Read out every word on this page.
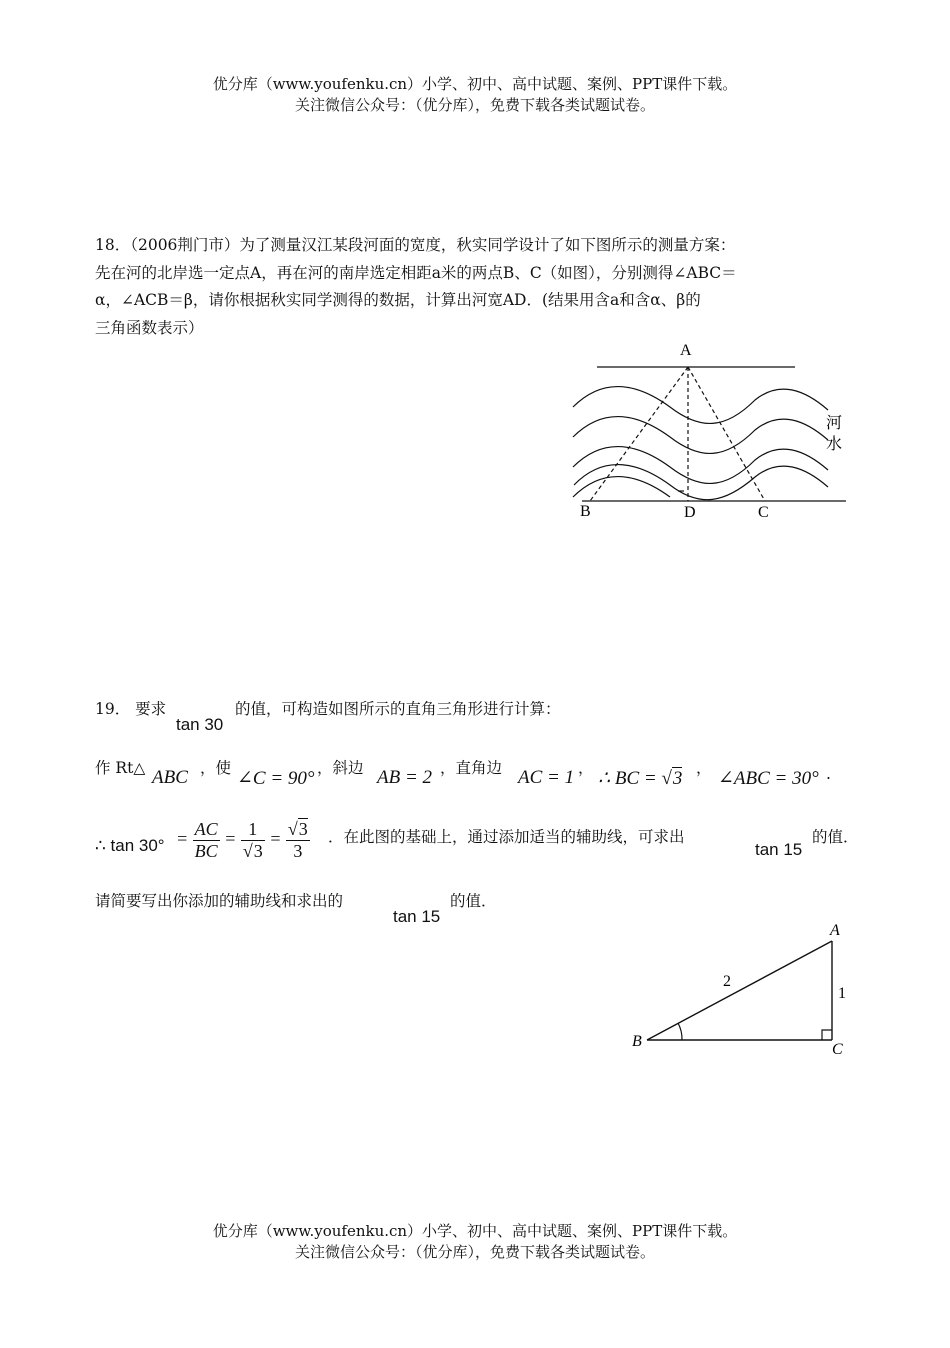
优分库（www.youfenku.cn）小学、初中、高中试题、案例、PPT课件下载。
关注微信公众号：（优分库），免费下载各类试题试卷。
18．（2006荆门市）为了测量汉江某段河面的宽度，秋实同学设计了如下图所示的测量方案：
先在河的北岸选一定点A，再在河的南岸选定相距a米的两点B、C（如图），分别测得∠ABC＝
α，∠ACB＝β，请你根据秋实同学测得的数据，计算出河宽AD．(结果用含a和含α、β的
三角函数表示）
A
B	D	C
河
水
19． 要求
tan 30
的值，可构造如图所示的直角三角形进行计算：
作 Rt△ ABC ，使 ∠C = 90° ，斜边 AB = 2 ，直角边 AC = 1 ， ∴ BC = √3 ， ∠ABC = 30° .
∴ $\tan 30^\circ = \frac{AC}{BC} = \frac{1}{√3} = \frac{√3}{3}$ ．在此图的基础上，通过添加适当的辅助线，可求出
tan 15
的值．
请简要写出你添加的辅助线和求出的
tan 15
的值．
A
B	C
2
1
优分库（www.youfenku.cn）小学、初中、高中试题、案例、PPT课件下载。
关注微信公众号：（优分库），免费下载各类试题试卷。
